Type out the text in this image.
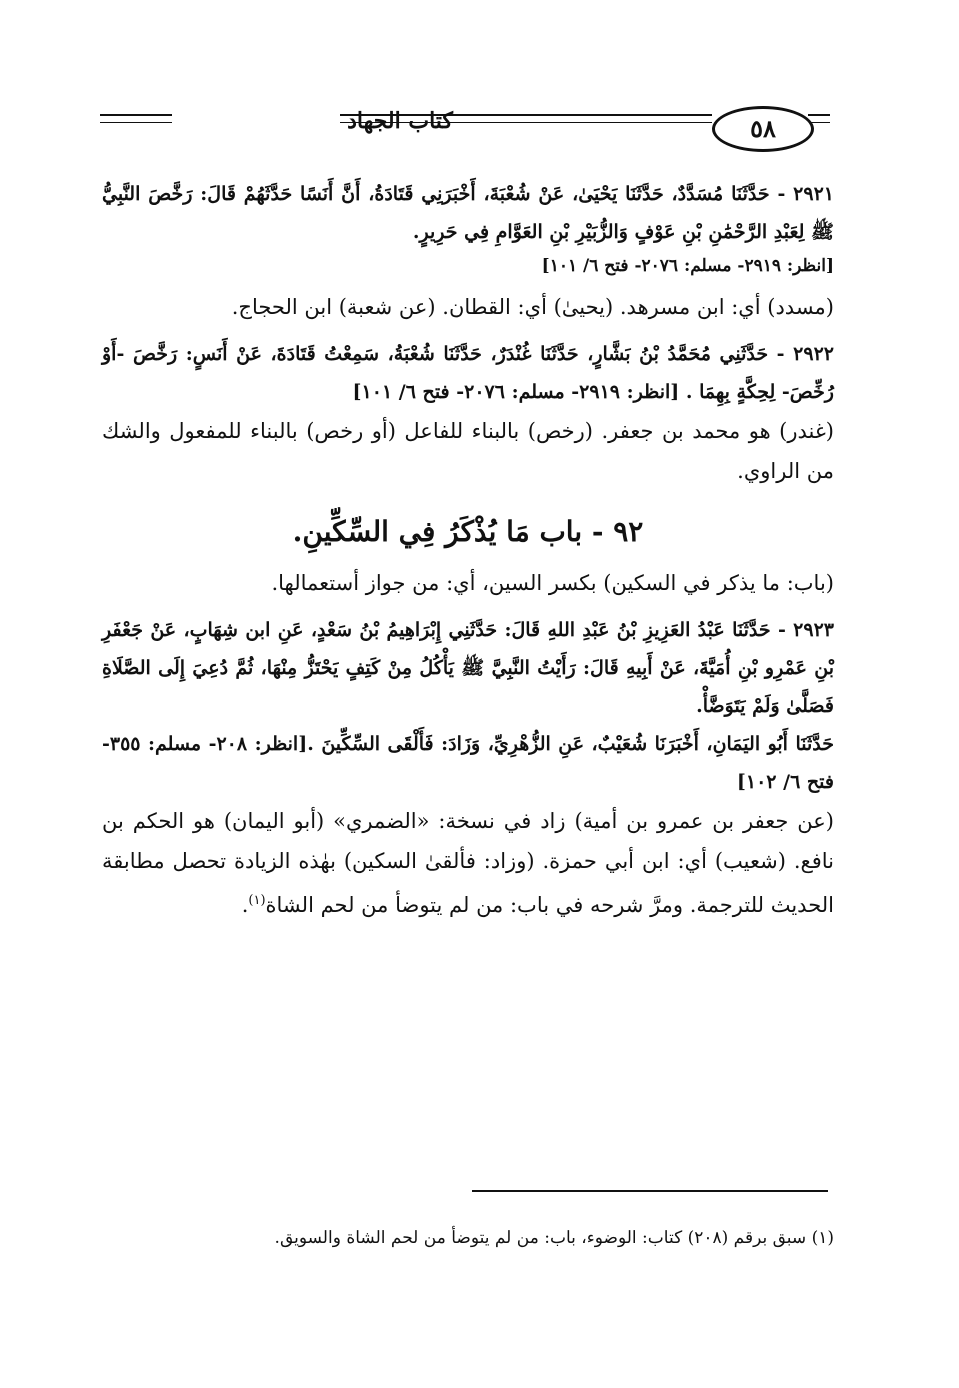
كتاب الجهاد	٥٨

٢٩٢١ - حَدَّثَنَا مُسَدَّدٌ، حَدَّثَنَا يَحْيَىٰ، عَنْ شُعْبَةَ، أَخْبَرَنِي قَتَادَةُ، أَنَّ أَنَسًا حَدَّثَهُمْ قَالَ: رَخَّصَ النَّبِيُّ ﷺ لِعَبْدِ الرَّحْمَٰنِ بْنِ عَوْفٍ وَالزُّبَيْرِ بْنِ العَوَّامِ فِي حَرِيرٍ.

[انظر: ٢٩١٩- مسلم: ٢٠٧٦- فتح ٦/ ١٠١]

(مسدد) أي: ابن مسرهد. (يحيىٰ) أي: القطان. (عن شعبة) ابن الحجاج.

٢٩٢٢ - حَدَّثَنِي مُحَمَّدُ بْنُ بَشَّارٍ، حَدَّثَنَا غُنْدَرٌ، حَدَّثَنَا شُعْبَةُ، سَمِعْتُ قَتَادَةَ، عَنْ أَنَسٍ: رَخَّصَ -أَوْ رُخِّصَ- لِحِكَّةٍ بِهِمَا . [انظر: ٢٩١٩- مسلم: ٢٠٧٦- فتح ٦/ ١٠١]

(غندر) هو محمد بن جعفر. (رخص) بالبناء للفاعل (أو رخص) بالبناء للمفعول والشك من الراوي.

٩٢ - باب مَا يُذْكَرُ فِي السِّكِّينِ.

(باب: ما يذكر في السكين) بكسر السين، أي: من جواز أستعمالها.

٢٩٢٣ - حَدَّثَنَا عَبْدُ العَزِيزِ بْنُ عَبْدِ اللهِ قَالَ: حَدَّثَنِي إِبْرَاهِيمُ بْنُ سَعْدٍ، عَنِ ابن شِهَابٍ، عَنْ جَعْفَرِ بْنِ عَمْرِو بْنِ أُمَيَّةَ، عَنْ أَبِيهِ قَالَ: رَأَيْتُ النَّبِيَّ ﷺ يَأْكُلُ مِنْ كَتِفٍ يَحْتَزُّ مِنْهَا، ثُمَّ دُعِيَ إِلَى الصَّلَاةِ فَصَلَّىٰ وَلَمْ يَتَوَضَّأْ.

حَدَّثَنَا أَبُو اليَمَانِ، أَخْبَرَنَا شُعَيْبٌ، عَنِ الزُّهْرِيِّ، وَزَادَ: فَأَلْقَى السِّكِّينَ .[انظر: ٢٠٨- مسلم: ٣٥٥- فتح ٦/ ١٠٢]

(عن جعفر بن عمرو بن أمية) زاد في نسخة: «الضمري» (أبو اليمان) هو الحكم بن نافع. (شعيب) أي: ابن أبي حمزة. (وزاد: فألقىٰ السكين) بهٰذه الزيادة تحصل مطابقة الحديث للترجمة. ومرَّ شرحه في باب: من لم يتوضأ من لحم الشاة$^{(١)}$.

(١) سبق برقم (٢٠٨) كتاب: الوضوء، باب: من لم يتوضأ من لحم الشاة والسويق.
